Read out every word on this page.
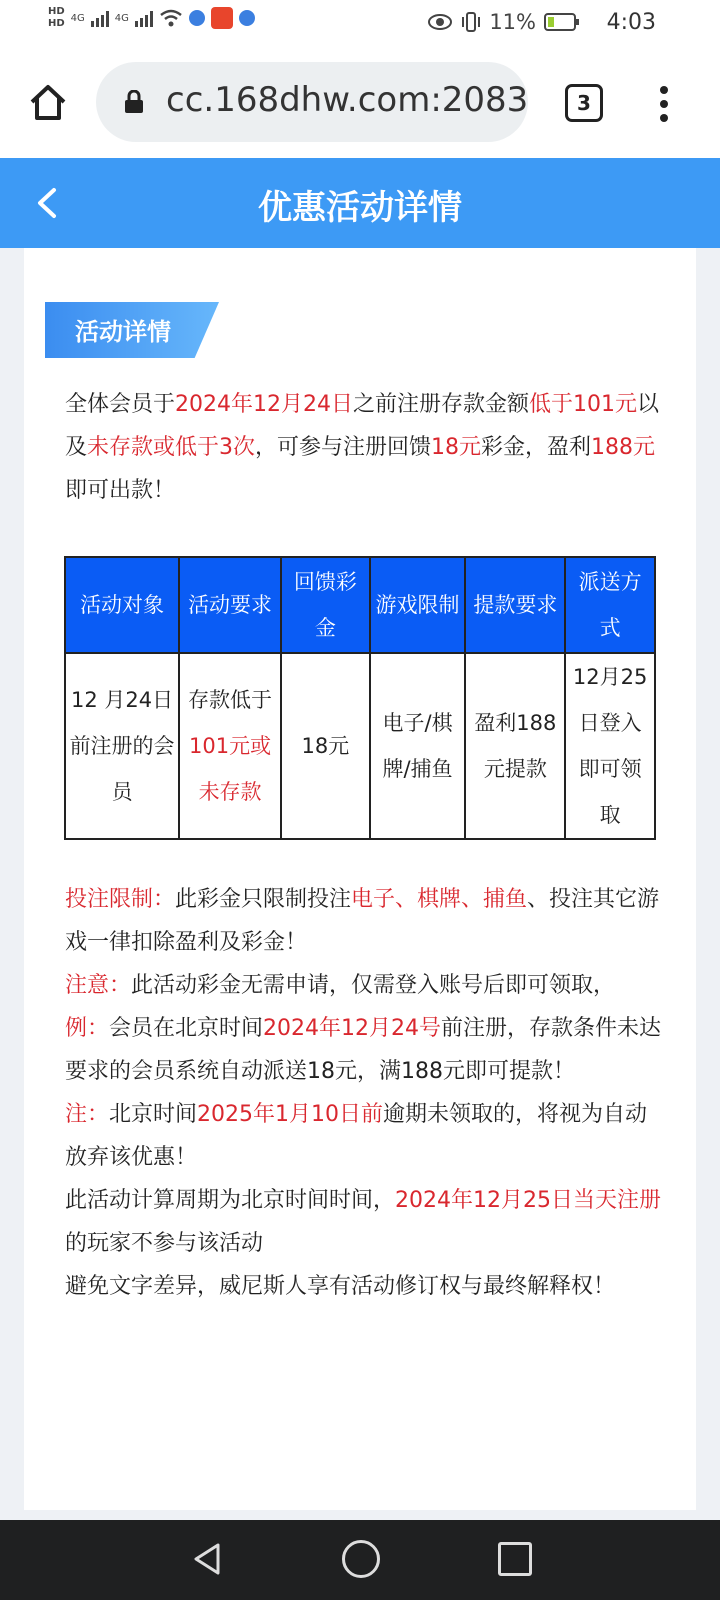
HD
HD 4G	4G	11%	4:03
cc.168dhw.com:2083	3
优惠活动详情
活动详情
全体会员于2024年12月24日之前注册存款金额低于101元以及未存款或低于3次，可参与注册回馈18元彩金，盈利188元即可出款！
活动对象	活动要求	回馈彩金	游戏限制	提款要求	派送方式
12 月24日前注册的会员	存款低于101元或未存款	18元	电子/棋牌/捕鱼	盈利188元提款	12月25日登入即可领取

投注限制：此彩金只限制投注电子、棋牌、捕鱼、投注其它游戏一律扣除盈利及彩金！

注意：此活动彩金无需申请，仅需登入账号后即可领取，

例：会员在北京时间2024年12月24号前注册，存款条件未达要求的会员系统自动派送18元，满188元即可提款！

注：北京时间2025年1月10日前逾期未领取的，将视为自动放弃该优惠！

此活动计算周期为北京时间时间，2024年12月25日当天注册的玩家不参与该活动

避免文字差异，威尼斯人享有活动修订权与最终解释权！
